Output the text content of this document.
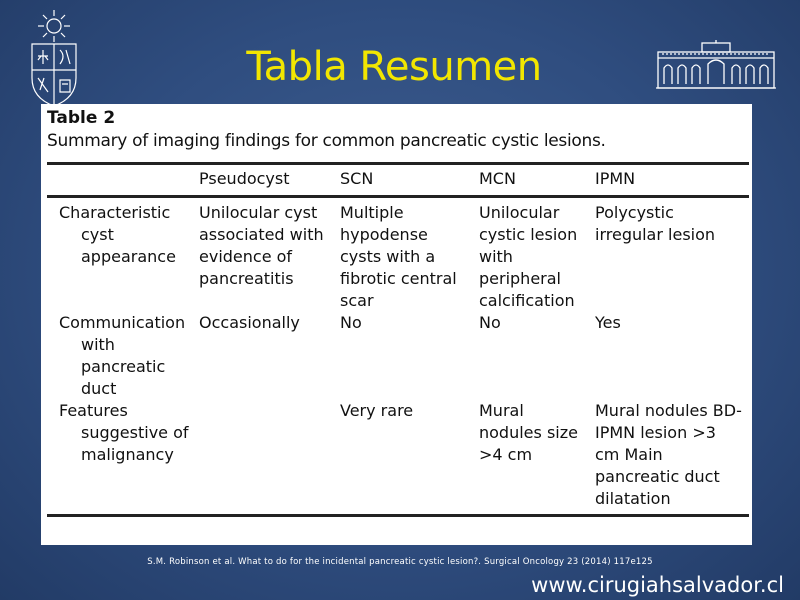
Tabla Resumen
Table 2
Summary of imaging findings for common pancreatic cystic lesions.
	Pseudocyst	SCN	MCN	IPMN

Characteristic cyst appearance	Unilocular cyst associated with evidence of pancreatitis	Multiple hypodense cysts with a fibrotic central scar	Unilocular cystic lesion with peripheral calcification	Polycystic irregular lesion

Communication with pancreatic duct	Occasionally	No	No	Yes

Features suggestive of malignancy		Very rare	Mural nodules size >4 cm	Mural nodules BD-IPMN lesion >3 cm Main pancreatic duct dilatation
S.M. Robinson et al. What to do for the incidental pancreatic cystic lesion?. Surgical Oncology 23 (2014) 117e125
www.cirugiahsalvador.cl
